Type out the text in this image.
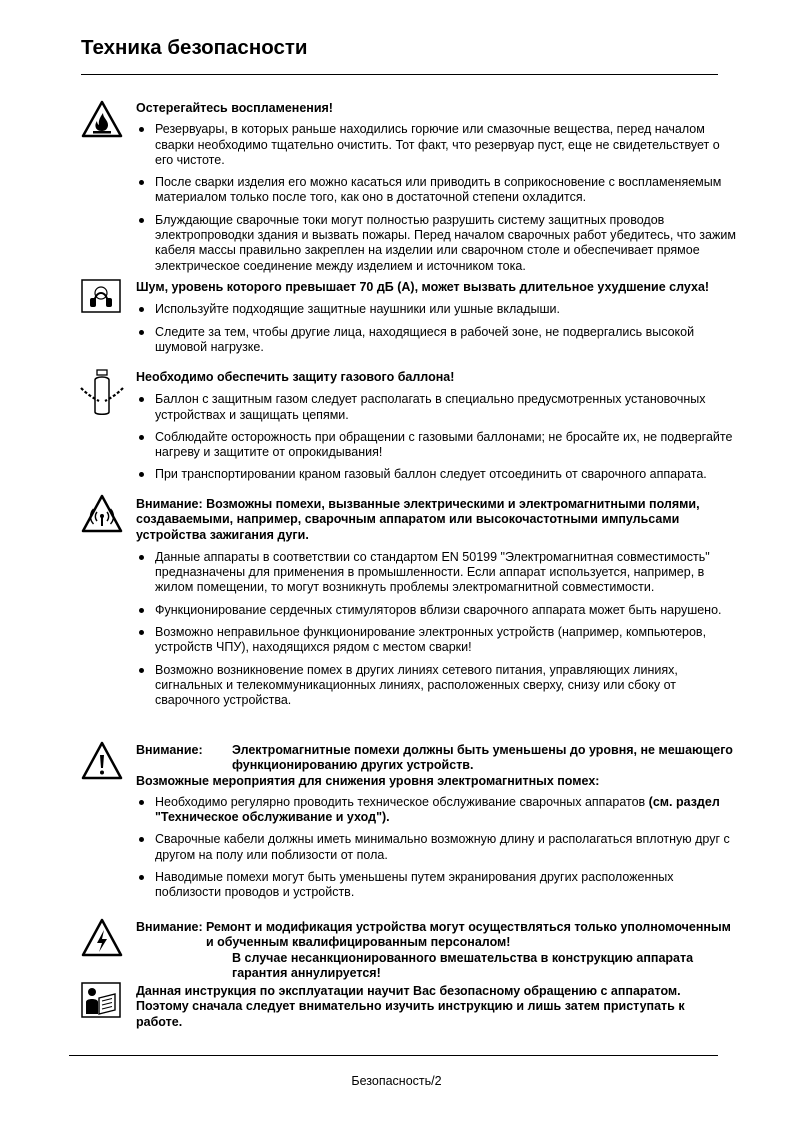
Техника безопасности

Остерегайтесь воспламенения!

Резервуары, в которых раньше находились горючие или смазочные вещества, перед началом сварки необходимо тщательно очистить. Тот факт, что резервуар пуст, еще не свидетельствует о его чистоте.
После сварки изделия его можно касаться или приводить в соприкосновение с воспламеняемым материалом только после того, как оно в достаточной степени охладится.
Блуждающие сварочные токи могут полностью разрушить систему защитных проводов электропроводки здания и вызвать пожары. Перед началом сварочных работ убедитесь, что зажим кабеля массы правильно закреплен на изделии или сварочном столе и обеспечивает прямое электрическое соединение между изделием и источником тока.

Шум, уровень которого превышает 70 дБ (А), может вызвать длительное ухудшение слуха!

Используйте подходящие защитные наушники или ушные вкладыши.
Следите за тем, чтобы другие лица, находящиеся в рабочей зоне, не подвергались высокой шумовой нагрузке.

Необходимо обеспечить защиту газового баллона!

Баллон с защитным газом следует располагать в специально предусмотренных установочных устройствах и защищать цепями.
Соблюдайте осторожность при обращении с газовыми баллонами; не бросайте их, не подвергайте нагреву и защитите от опрокидывания!
При транспортировании краном газовый баллон следует отсоединить от сварочного аппарата.

Внимание: Возможны помехи, вызванные электрическими и электромагнитными полями, создаваемыми, например, сварочным аппаратом или высокочастотными импульсами устройства зажигания дуги.

Данные аппараты в соответствии со стандартом EN 50199 "Электромагнитная совместимость" предназначены для применения в промышленности. Если аппарат используется, например, в жилом помещении, то могут возникнуть проблемы электромагнитной совместимости.
Функционирование сердечных стимуляторов вблизи сварочного аппарата может быть нарушено.
Возможно неправильное функционирование электронных устройств (например, компьютеров, устройств ЧПУ), находящихся рядом с местом сварки!
Возможно возникновение помех в других линиях сетевого питания, управляющих линиях, сигнальных и телекоммуникационных линиях, расположенных сверху, снизу или сбоку от сварочного устройства.
Внимание:	Электромагнитные помехи должны быть уменьшены до уровня, не мешающего функционированию других устройств.

Возможные мероприятия для снижения уровня электромагнитных помех:

Необходимо регулярно проводить техническое обслуживание сварочных аппаратов (см. раздел "Техническое обслуживание и уход").
Сварочные кабели должны иметь минимально возможную длину и располагаться вплотную друг с другом на полу или поблизости от пола.
Наводимые помехи могут быть уменьшены путем экранирования других расположенных поблизости проводов и устройств.
Внимание: Ремонт и модификация устройства могут осуществляться только уполномоченным и обученным квалифицированным персоналом!
В случае несанкционированного вмешательства в конструкцию аппарата гарантия аннулируется!

Данная инструкция по эксплуатации научит Вас безопасному обращению с аппаратом. Поэтому сначала следует внимательно изучить инструкцию и лишь затем приступать к работе.

Безопасность/2
